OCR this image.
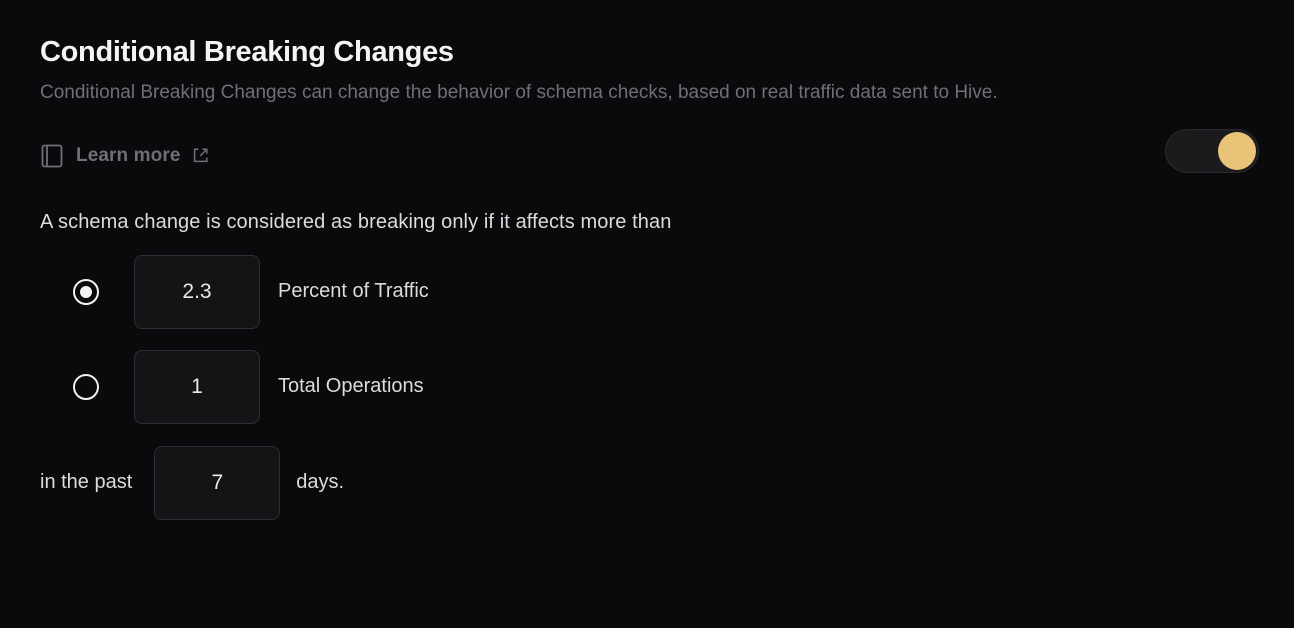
Conditional Breaking Changes

Conditional Breaking Changes can change the behavior of schema checks, based on real traffic data sent to Hive.

Learn more
A schema change is considered as breaking only if it affects more than
2.3
Percent of Traffic
1
Total Operations
in the past
7	days.
